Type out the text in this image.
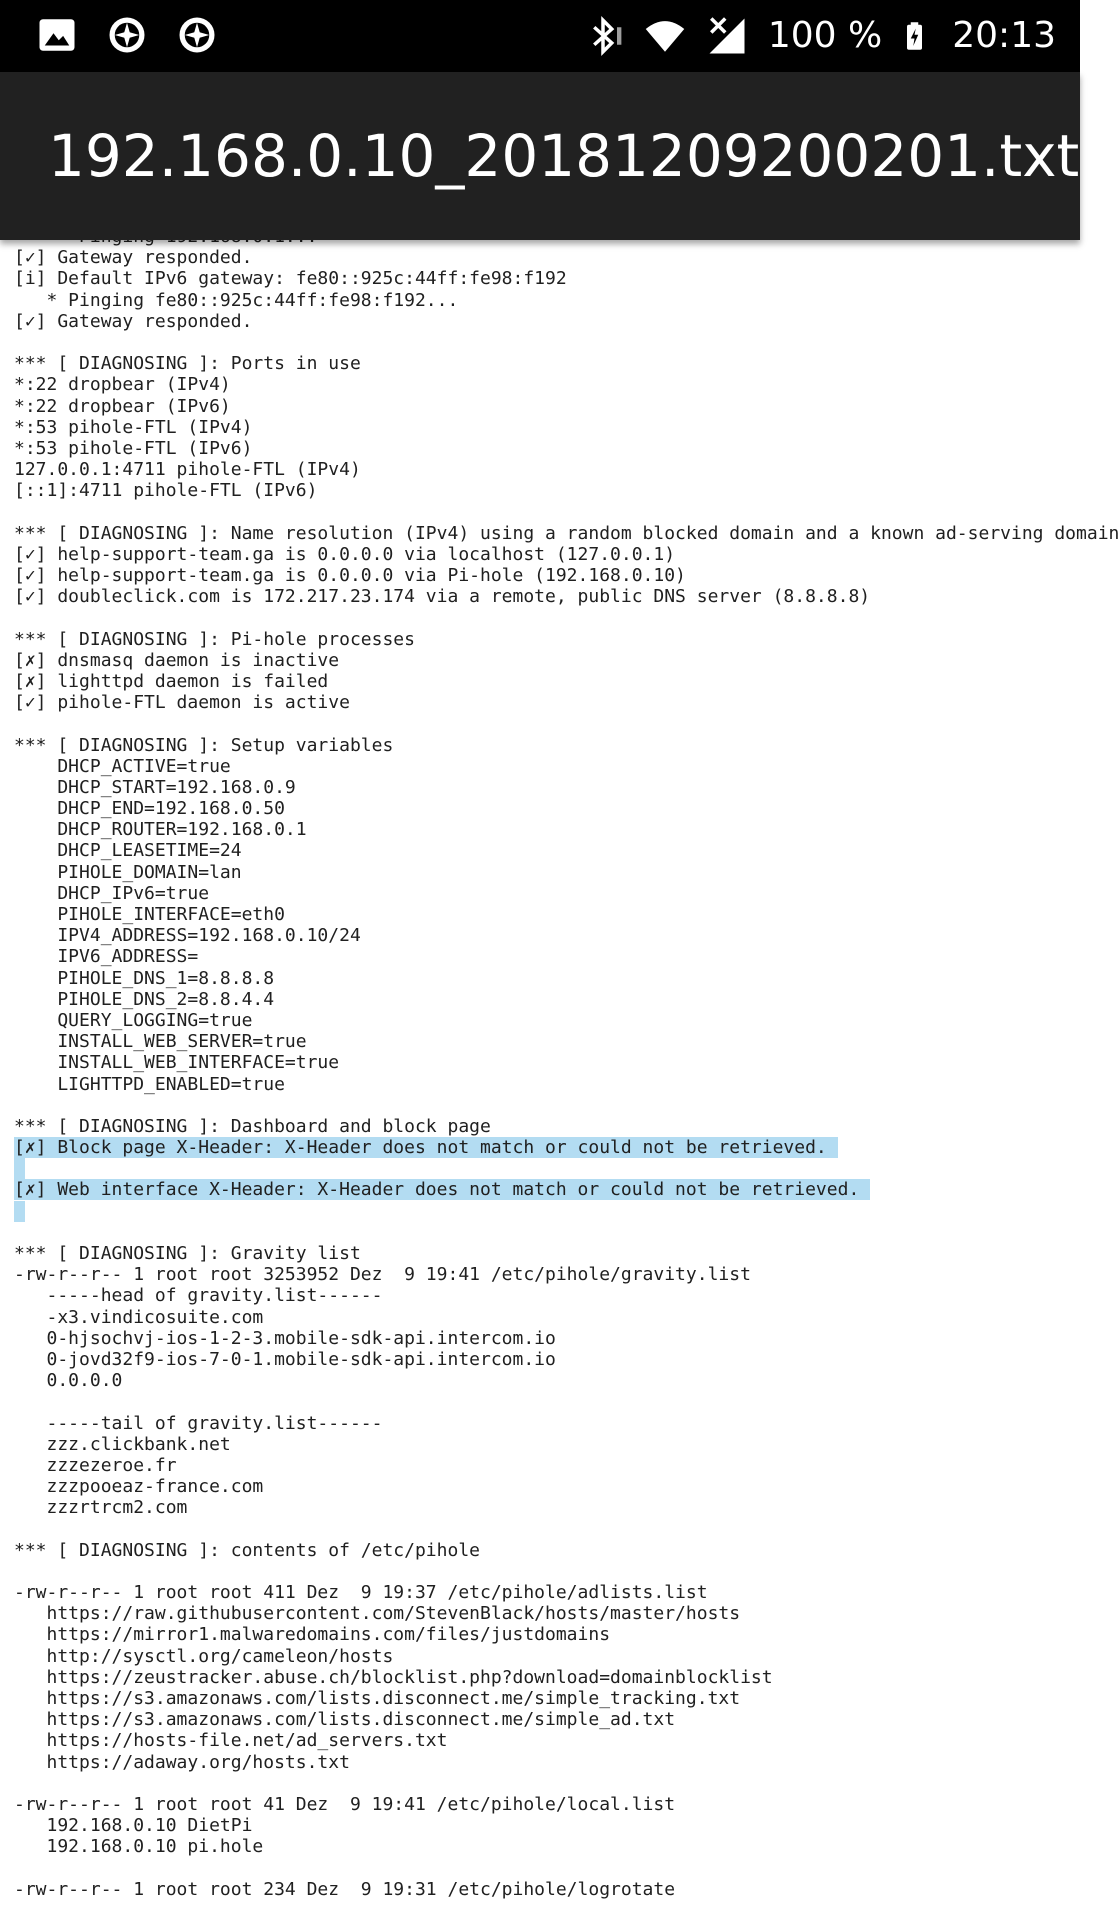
100 % 20:13
192.168.0.10_20181209200201.txt
[✓] Gateway responded.
[i] Default IPv6 gateway: fe80::925c:44ff:fe98:f192
* Pinging fe80::925c:44ff:fe98:f192...
[✓] Gateway responded.
*** [ DIAGNOSING ]: Ports in use
*:22 dropbear (IPv4)
*:22 dropbear (IPv6)
*:53 pihole-FTL (IPv4)
*:53 pihole-FTL (IPv6)
127.0.0.1:4711 pihole-FTL (IPv4)
[::1]:4711 pihole-FTL (IPv6)
*** [ DIAGNOSING ]: Name resolution (IPv4) using a random blocked domain and a known ad-serving domain
[✓] help-support-team.ga is 0.0.0.0 via localhost (127.0.0.1)
[✓] help-support-team.ga is 0.0.0.0 via Pi-hole (192.168.0.10)
[✓] doubleclick.com is 172.217.23.174 via a remote, public DNS server (8.8.8.8)
*** [ DIAGNOSING ]: Pi-hole processes
[✗] dnsmasq daemon is inactive
[✗] lighttpd daemon is failed
[✓] pihole-FTL daemon is active
*** [ DIAGNOSING ]: Setup variables
DHCP_ACTIVE=true
DHCP_START=192.168.0.9
DHCP_END=192.168.0.50
DHCP_ROUTER=192.168.0.1
DHCP_LEASETIME=24
PIHOLE_DOMAIN=lan
DHCP_IPv6=true
PIHOLE_INTERFACE=eth0
IPV4_ADDRESS=192.168.0.10/24
IPV6_ADDRESS=
PIHOLE_DNS_1=8.8.8.8
PIHOLE_DNS_2=8.8.4.4
QUERY_LOGGING=true
INSTALL_WEB_SERVER=true
INSTALL_WEB_INTERFACE=true
LIGHTTPD_ENABLED=true
*** [ DIAGNOSING ]: Dashboard and block page
[✗] Block page X-Header: X-Header does not match or could not be retrieved.

[✗] Web interface X-Header: X-Header does not match or could not be retrieved.

*** [ DIAGNOSING ]: Gravity list
-rw-r--r-- 1 root root 3253952 Dez  9 19:41 /etc/pihole/gravity.list
-----head of gravity.list------
-x3.vindicosuite.com
0-hjsochvj-ios-1-2-3.mobile-sdk-api.intercom.io
0-jovd32f9-ios-7-0-1.mobile-sdk-api.intercom.io
0.0.0.0
-----tail of gravity.list------
zzz.clickbank.net
zzzezeroe.fr
zzzpooeaz-france.com
zzzrtrcm2.com
*** [ DIAGNOSING ]: contents of /etc/pihole
-rw-r--r-- 1 root root 411 Dez  9 19:37 /etc/pihole/adlists.list
https://raw.githubusercontent.com/StevenBlack/hosts/master/hosts
https://mirror1.malwaredomains.com/files/justdomains
http://sysctl.org/cameleon/hosts
https://zeustracker.abuse.ch/blocklist.php?download=domainblocklist
https://s3.amazonaws.com/lists.disconnect.me/simple_tracking.txt
https://s3.amazonaws.com/lists.disconnect.me/simple_ad.txt
https://hosts-file.net/ad_servers.txt
https://adaway.org/hosts.txt
-rw-r--r-- 1 root root 41 Dez  9 19:41 /etc/pihole/local.list
192.168.0.10 DietPi
192.168.0.10 pi.hole
-rw-r--r-- 1 root root 234 Dez  9 19:31 /etc/pihole/logrotate
